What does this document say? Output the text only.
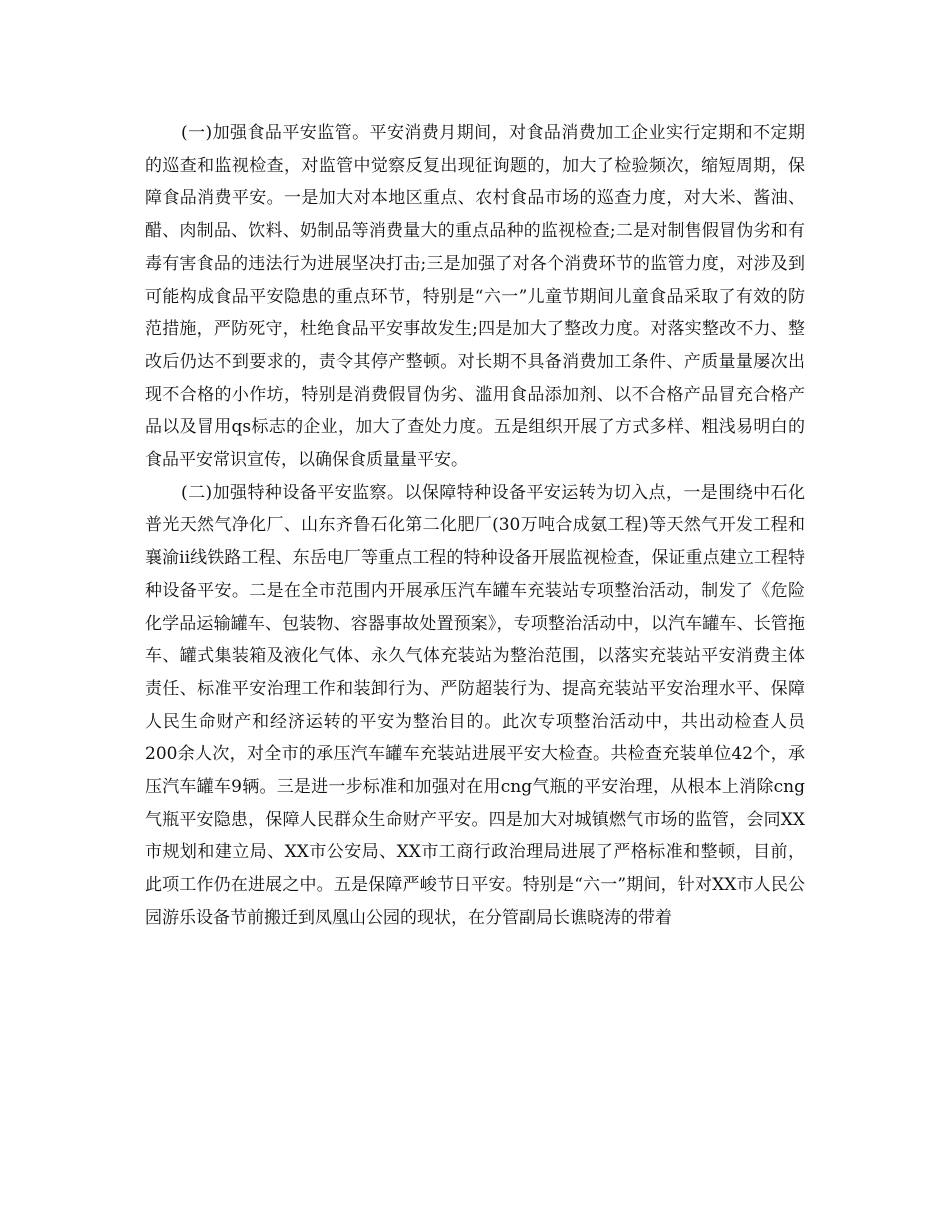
(一)加强食品平安监管。平安消费月期间，对食品消费加工企业实行定期和不定期的巡查和监视检查，对监管中觉察反复出现征询题的，加大了检验频次，缩短周期，保障食品消费平安。一是加大对本地区重点、农村食品市场的巡查力度，对大米、酱油、醋、肉制品、饮料、奶制品等消费量大的重点品种的监视检查;二是对制售假冒伪劣和有毒有害食品的违法行为进展坚决打击;三是加强了对各个消费环节的监管力度，对涉及到可能构成食品平安隐患的重点环节，特别是“六一”儿童节期间儿童食品采取了有效的防范措施，严防死守，杜绝食品平安事故发生;四是加大了整改力度。对落实整改不力、整改后仍达不到要求的，责令其停产整顿。对长期不具备消费加工条件、产质量量屡次出现不合格的小作坊，特别是消费假冒伪劣、滥用食品添加剂、以不合格产品冒充合格产品以及冒用qs标志的企业，加大了查处力度。五是组织开展了方式多样、粗浅易明白的食品平安常识宣传，以确保食质量量平安。

(二)加强特种设备平安监察。以保障特种设备平安运转为切入点，一是围绕中石化普光天然气净化厂、山东齐鲁石化第二化肥厂(30万吨合成氨工程)等天然气开发工程和襄渝ii线铁路工程、东岳电厂等重点工程的特种设备开展监视检查，保证重点建立工程特种设备平安。二是在全市范围内开展承压汽车罐车充装站专项整治活动，制发了《危险化学品运输罐车、包装物、容器事故处置预案》，专项整治活动中，以汽车罐车、长管拖车、罐式集装箱及液化气体、永久气体充装站为整治范围，以落实充装站平安消费主体责任、标准平安治理工作和装卸行为、严防超装行为、提高充装站平安治理水平、保障人民生命财产和经济运转的平安为整治目的。此次专项整治活动中，共出动检查人员200余人次，对全市的承压汽车罐车充装站进展平安大检查。共检查充装单位42个，承压汽车罐车9辆。三是进一步标准和加强对在用cng气瓶的平安治理，从根本上消除cng气瓶平安隐患，保障人民群众生命财产平安。四是加大对城镇燃气市场的监管，会同XX市规划和建立局、XX市公安局、XX市工商行政治理局进展了严格标准和整顿，目前，此项工作仍在进展之中。五是保障严峻节日平安。特别是“六一”期间，针对XX市人民公园游乐设备节前搬迁到凤凰山公园的现状，在分管副局长谯晓涛的带着
